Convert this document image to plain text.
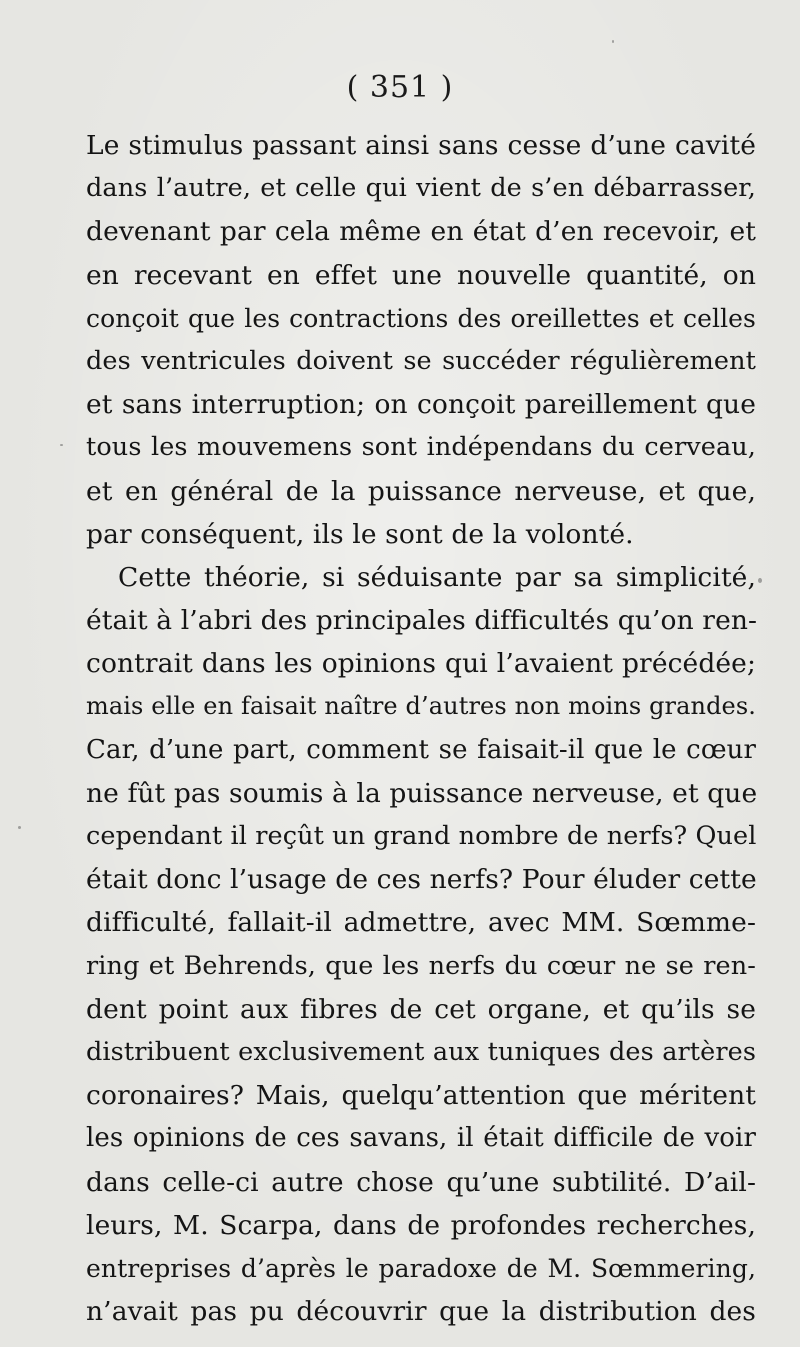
( 351 )
Le stimulus passant ainsi sans cesse d’une cavité
dans l’autre, et celle qui vient de s’en débarrasser,
devenant par cela même en état d’en recevoir, et
en recevant en effet une nouvelle quantité, on
conçoit que les contractions des oreillettes et celles
des ventricules doivent se succéder régulièrement
et sans interruption; on conçoit pareillement que
tous les mouvemens sont indépendans du cerveau,
et en général de la puissance nerveuse, et que,
par conséquent, ils le sont de la volonté.
Cette théorie, si séduisante par sa simplicité,
était à l’abri des principales difficultés qu’on ren-
contrait dans les opinions qui l’avaient précédée;
mais elle en faisait naître d’autres non moins grandes.
Car, d’une part, comment se faisait-il que le cœur
ne fût pas soumis à la puissance nerveuse, et que
cependant il reçût un grand nombre de nerfs? Quel
était donc l’usage de ces nerfs? Pour éluder cette
difficulté, fallait-il admettre, avec MM. Sœmme-
ring et Behrends, que les nerfs du cœur ne se ren-
dent point aux fibres de cet organe, et qu’ils se
distribuent exclusivement aux tuniques des artères
coronaires? Mais, quelqu’attention que méritent
les opinions de ces savans, il était difficile de voir
dans celle-ci autre chose qu’une subtilité. D’ail-
leurs, M. Scarpa, dans de profondes recherches,
entreprises d’après le paradoxe de M. Sœmmering,
n’avait pas pu découvrir que la distribution des
